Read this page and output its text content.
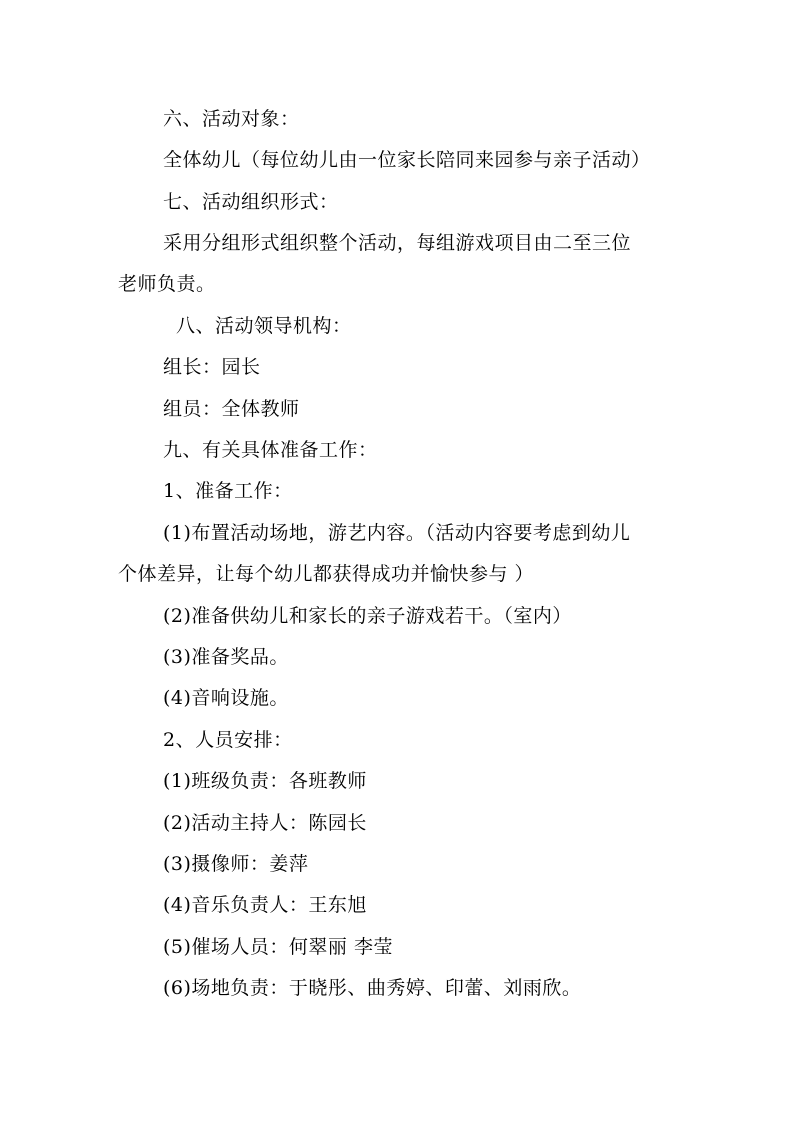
六、活动对象：
全体幼儿（每位幼儿由一位家长陪同来园参与亲子活动）
七、活动组织形式：
采用分组形式组织整个活动，每组游戏项目由二至三位
老师负责。
八、活动领导机构：
组长：园长
组员：全体教师
九、有关具体准备工作：
1、准备工作：
(1)布置活动场地，游艺内容。（活动内容要考虑到幼儿
个体差异，让每个幼儿都获得成功并愉快参与 ）
(2)准备供幼儿和家长的亲子游戏若干。（室内）
(3)准备奖品。
(4)音响设施。
2、人员安排：
(1)班级负责：各班教师
(2)活动主持人：陈园长
(3)摄像师：姜萍
(4)音乐负责人：王东旭
(5)催场人员：何翠丽 李莹
(6)场地负责：于晓彤、曲秀婷、印蕾、刘雨欣。
